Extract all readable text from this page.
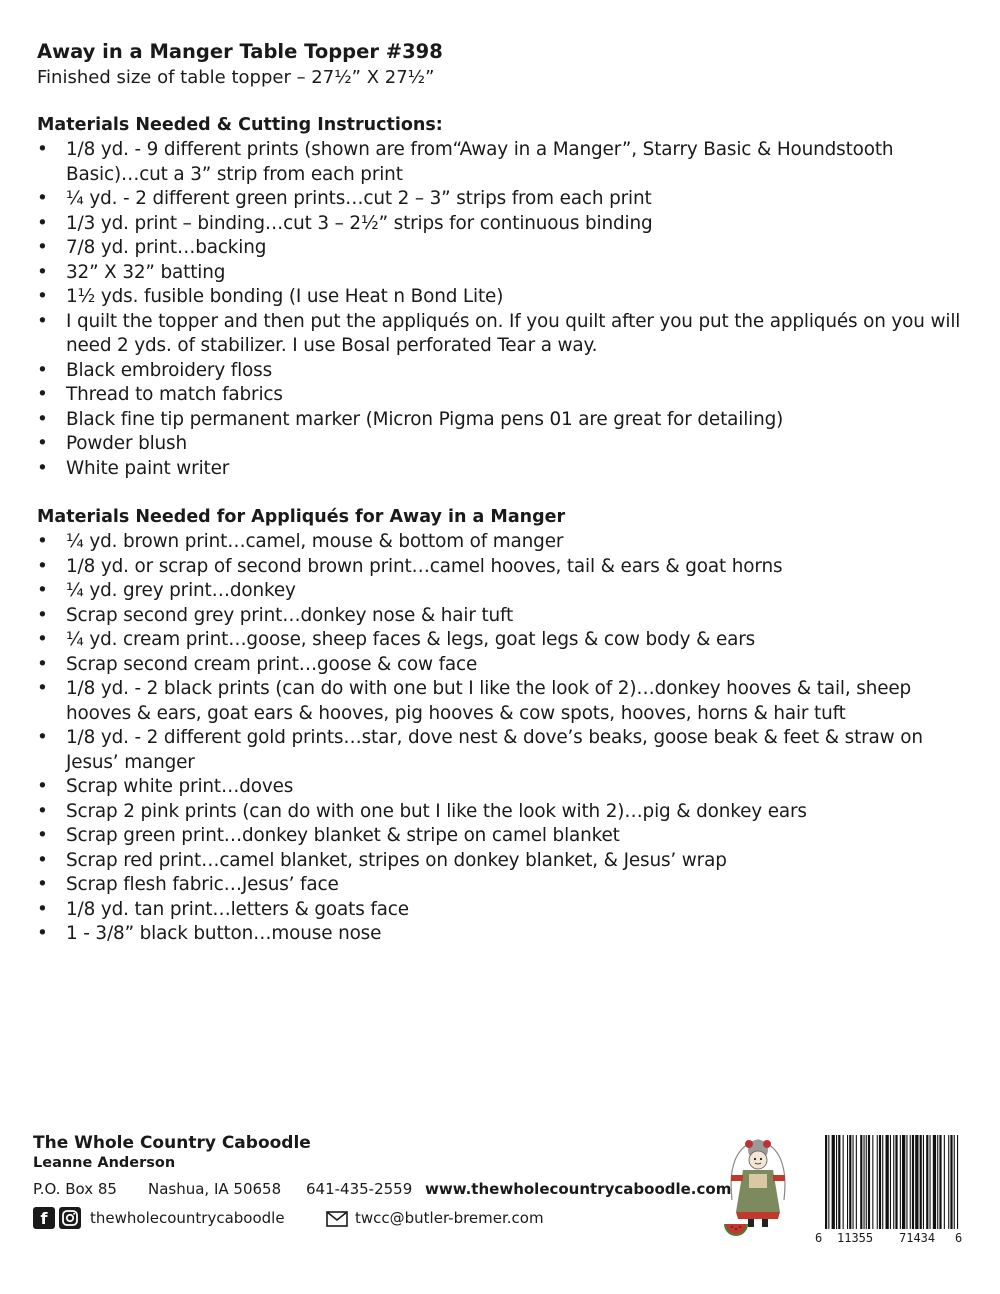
Away in a Manger Table Topper #398
Finished size of table topper – 27½” X 27½”
Materials Needed & Cutting Instructions:
• 1/8 yd. - 9 different prints (shown are from“Away in a Manger”, Starry Basic & Houndstooth Basic)…cut a 3” strip from each print
• ¼ yd. - 2 different green prints…cut 2 – 3” strips from each print
• 1/3 yd. print – binding…cut 3 – 2½” strips for continuous binding
• 7/8 yd. print…backing
• 32” X 32” batting
• 1½ yds. fusible bonding (I use Heat n Bond Lite)
• I quilt the topper and then put the appliqués on. If you quilt after you put the appliqués on you will need 2 yds. of stabilizer. I use Bosal perforated Tear a way.
• Black embroidery floss
• Thread to match fabrics
• Black fine tip permanent marker (Micron Pigma pens 01 are great for detailing)
• Powder blush
• White paint writer
Materials Needed for Appliqués for Away in a Manger
• ¼ yd. brown print…camel, mouse & bottom of manger
• 1/8 yd. or scrap of second brown print…camel hooves, tail & ears & goat horns
• ¼ yd. grey print…donkey
• Scrap second grey print…donkey nose & hair tuft
• ¼ yd. cream print…goose, sheep faces & legs, goat legs & cow body & ears
• Scrap second cream print…goose & cow face
• 1/8 yd. - 2 black prints (can do with one but I like the look of 2)…donkey hooves & tail, sheep hooves & ears, goat ears & hooves, pig hooves & cow spots, hooves, horns & hair tuft
• 1/8 yd. - 2 different gold prints…star, dove nest & dove’s beaks, goose beak & feet & straw on Jesus’ manger
• Scrap white print…doves
• Scrap 2 pink prints (can do with one but I like the look with 2)…pig & donkey ears
• Scrap green print…donkey blanket & stripe on camel blanket
• Scrap red print…camel blanket, stripes on donkey blanket, & Jesus’ wrap
• Scrap flesh fabric…Jesus’ face
• 1/8 yd. tan print…letters & goats face
• 1 - 3/8” black button…mouse nose
The Whole Country Caboodle
Leanne Anderson
P.O. Box 85 Nashua, IA 50658 641-435-2559 www.thewholecountrycaboodle.com
f	thewholecountrycaboodle	twcc@butler-bremer.com
6 11355 71434 6
